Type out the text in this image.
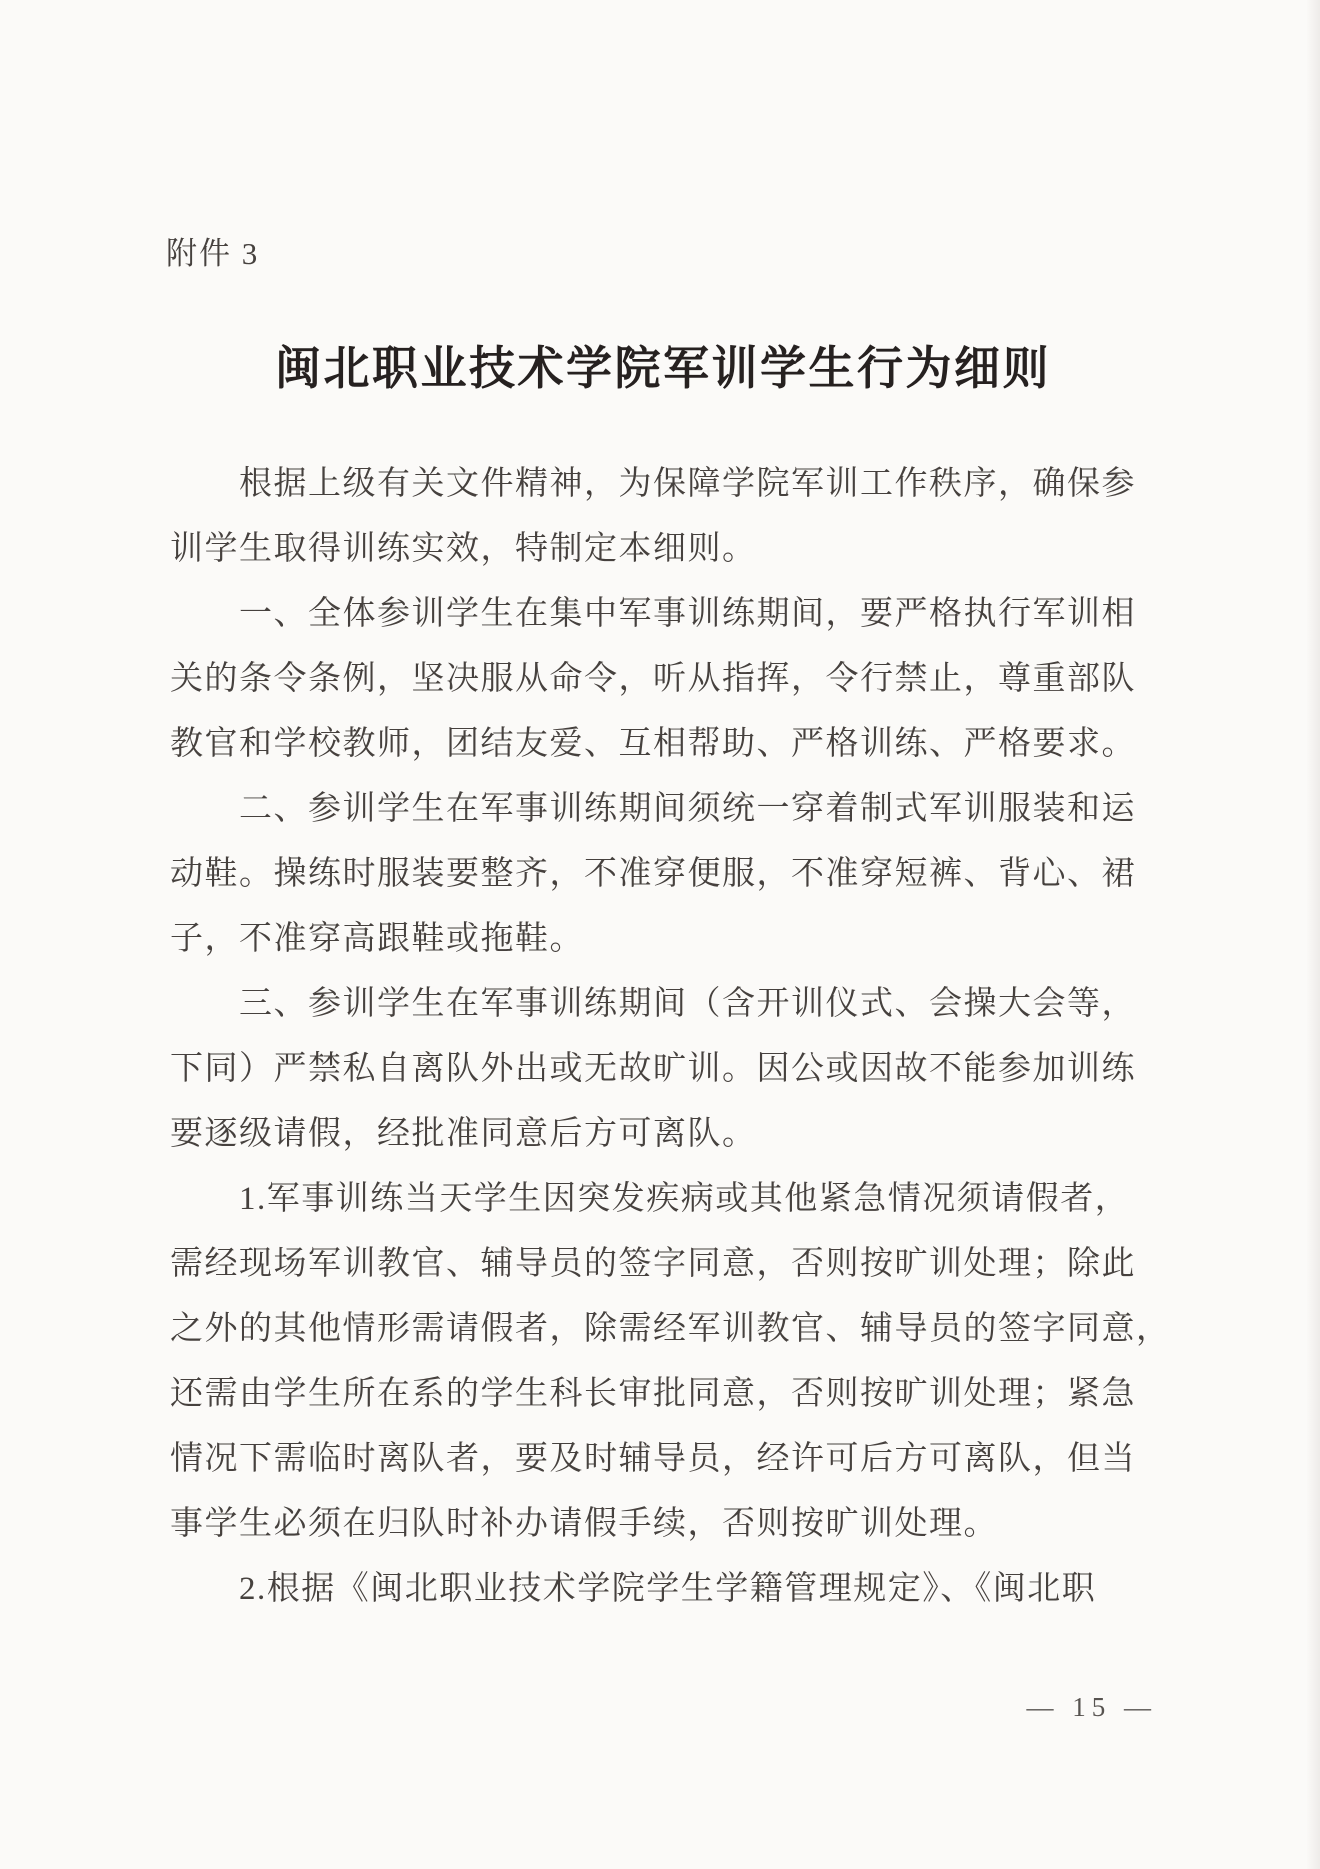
附件 3
闽北职业技术学院军训学生行为细则
根据上级有关文件精神，为保障学院军训工作秩序，确保参
训学生取得训练实效，特制定本细则。
一、全体参训学生在集中军事训练期间，要严格执行军训相
关的条令条例，坚决服从命令，听从指挥，令行禁止，尊重部队
教官和学校教师，团结友爱、互相帮助、严格训练、严格要求。
二、参训学生在军事训练期间须统一穿着制式军训服装和运
动鞋。操练时服装要整齐，不准穿便服，不准穿短裤、背心、裙
子，不准穿高跟鞋或拖鞋。
三、参训学生在军事训练期间（含开训仪式、会操大会等，
下同）严禁私自离队外出或无故旷训。因公或因故不能参加训练
要逐级请假，经批准同意后方可离队。
1.军事训练当天学生因突发疾病或其他紧急情况须请假者，
需经现场军训教官、辅导员的签字同意，否则按旷训处理；除此
之外的其他情形需请假者，除需经军训教官、辅导员的签字同意，
还需由学生所在系的学生科长审批同意，否则按旷训处理；紧急
情况下需临时离队者，要及时辅导员，经许可后方可离队，但当
事学生必须在归队时补办请假手续，否则按旷训处理。
2.根据《闽北职业技术学院学生学籍管理规定》、《闽北职
— 15 —
